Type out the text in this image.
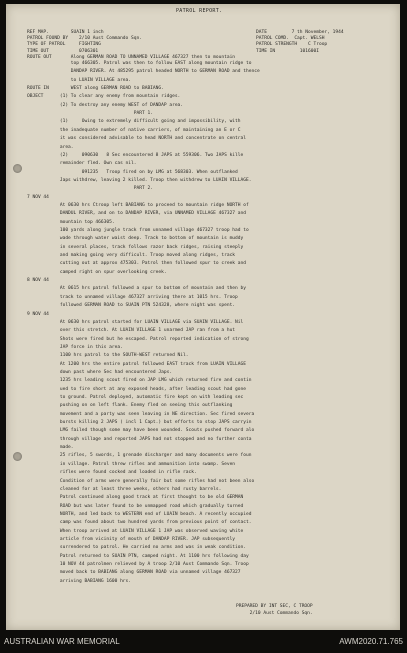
PATROL REPORT.
REF MAP.        SUAIN 1 inch
PATROL FOUND BY    2/10 Aust Commando Sqn.
TYPE OF PATROL     FIGHTING
TIME OUT           0706301
ROUTE OUT       Along GERMAN ROAD TO UNNAMED VILLAGE 467327 then to mountain
DATE         7 th November, 1944
PATROL COMD.  Capt. WELSH
PATROL STRENGTH    C Troop
TIME IN         101600I
top 466305. Patrol was then to follow EAST along mountain ridge to
DANDAP RIVER. At 485295 patrol headed NORTH to GERMAN ROAD and thence
to LUAIN VILLAGE area.
ROUTE IN        WEST along GERMAN ROAD to BABIANG.
OBJECT      (1) To clear any enemy from mountain ridges.
(2) To destroy any enemy WEST of DANDAP area.
PART 1.
(1)     Owing to extremely difficult going and impossibility, with
the inadequate number of native carriers, of maintaining an E or C
it was considered advisable to head NORTH and concentrate on central
area.
(2)     090630   8 Sec encountered 8 JAPS at 559306. Two JAPS kille
remainder fled. Own cas nil.
091235   Troop fired on by LMG at 568303. When outflanked
Japs withdrew, leaving 2 killed. Troop then withdrew to LUAIN VILLAGE.
PART 2.
7 NOV 44
At 0630 hrs Ctroop left BABIANG to proceed to mountain ridge NORTH of
DANDUL RIVER, and on to DANDAP RIVER, via UNNAMED VILLAGE 467327 and
mountain top 466305.
100 yards along jungle track from unnamed village 467327 troop had to
wade through water waist deep. Track to bottom of mountain is muddy
in several places, track follows razor back ridges, raising steeply
and making going very difficult. Troop moved along ridges, track
cutting out at approx 475303. Patrol then followed spur to creek and
camped right on spur overlooking creek.
8 NOV 44
At 0615 hrs patrol followed a spur to bottom of mountain and then by
track to unnamed village 467327 arriving there at 1015 hrs. Troop
followed GERMAN ROAD to SUAIN PTN 524328, where night was spent.
9 NOV 44
At 0630 hrs patrol started for LUAIN VILLAGE via SUAIN VILLAGE. Nil
over this stretch. At LUAIN VILLAGE 1 unarmed JAP ran from a hut
Shots were fired but he escaped. Patrol reported indication of strong
JAP force in this area.
1100 hrs patrol to the SOUTH-WEST returned Nil.
At 1200 hrs the entire patrol followed EAST track from LUAIN VILLAGE
down past where Sec had encountered Japs.
1235 hrs leading scout fired on JAP LMG which returned fire and contin
ued to fire short at any exposed heads, after leading scout had gone
to ground. Patrol deployed, automatic fire kept on with leading sec
pushing on on left flank. Enemy fled on seeing this outflanking
movement and a party was seen leaving in NE direction. Sec fired severa
bursts killing 2 JAPS ( incl 1 Capt.) but efforts to stop JAPS carryin
LMG failed though some may have been wounded. Scouts pushed forward alo
through village and reported JAPS had not stopped and no further conta
made.
25 rifles, 5 swords, 1 grenade discharger and many documents were foun
in village. Patrol threw rifles and ammunition into swamp. Seven
rifles were found cocked and loaded in rifle rack.
Condition of arms were generally fair but some rifles had not been also
cleaned for at least three weeks, others had rusty barrels.
Patrol continued along good track at first thought to be old GERMAN
ROAD but was later found to be unmapped road which gradually turned
NORTH, and led back to WESTERN end of LUAIN beach. A recently occupied
camp was found about two hundred yards from previous point of contact.
When troop arrived at LUAIN VILLAGE 1 JAP was observed waving white
article from vicinity of mouth of DANDAP RIVER. JAP subsequently
surrendered to patrol. He carried no arms and was in weak condition.
Patrol returned to SUAIN PTN, camped night. At 1100 hrs following day
10 NOV 44 patrolmen relieved by A troop 2/10 Aust Commando Sqn. Troop
moved back to BABIANG along GERMAN ROAD via unnamed village 467327
arriving BABIANG 1600 hrs.
PREPARED BY INT SEC, C TROOP
2/10 Aust Commando Sqn.
AUSTRALIAN WAR MEMORIAL	AWM2020.71.765
